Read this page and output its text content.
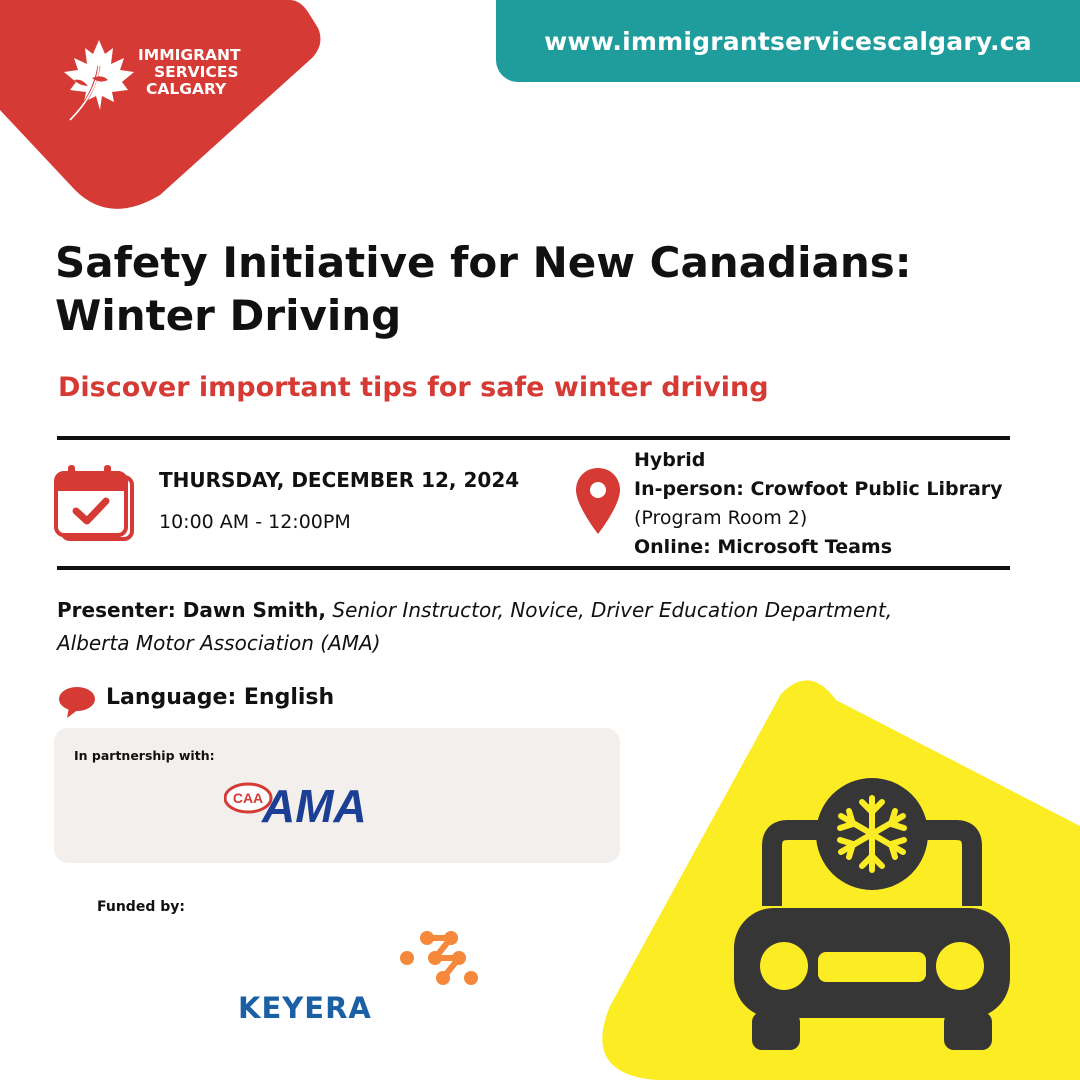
IMMIGRANT
SERVICES
CALGARY
www.immigrantservicescalgary.ca
Safety Initiative for New Canadians:
Winter Driving
Discover important tips for safe winter driving
THURSDAY, DECEMBER 12, 2024
10:00 AM - 12:00PM
Hybrid
In-person: Crowfoot Public Library
(Program Room 2)
Online: Microsoft Teams
Presenter: Dawn Smith, Senior Instructor, Novice, Driver Education Department,
Alberta Motor Association (AMA)
Language: English
In partnership with:
CAA
AMA
Funded by:
KEYERA
